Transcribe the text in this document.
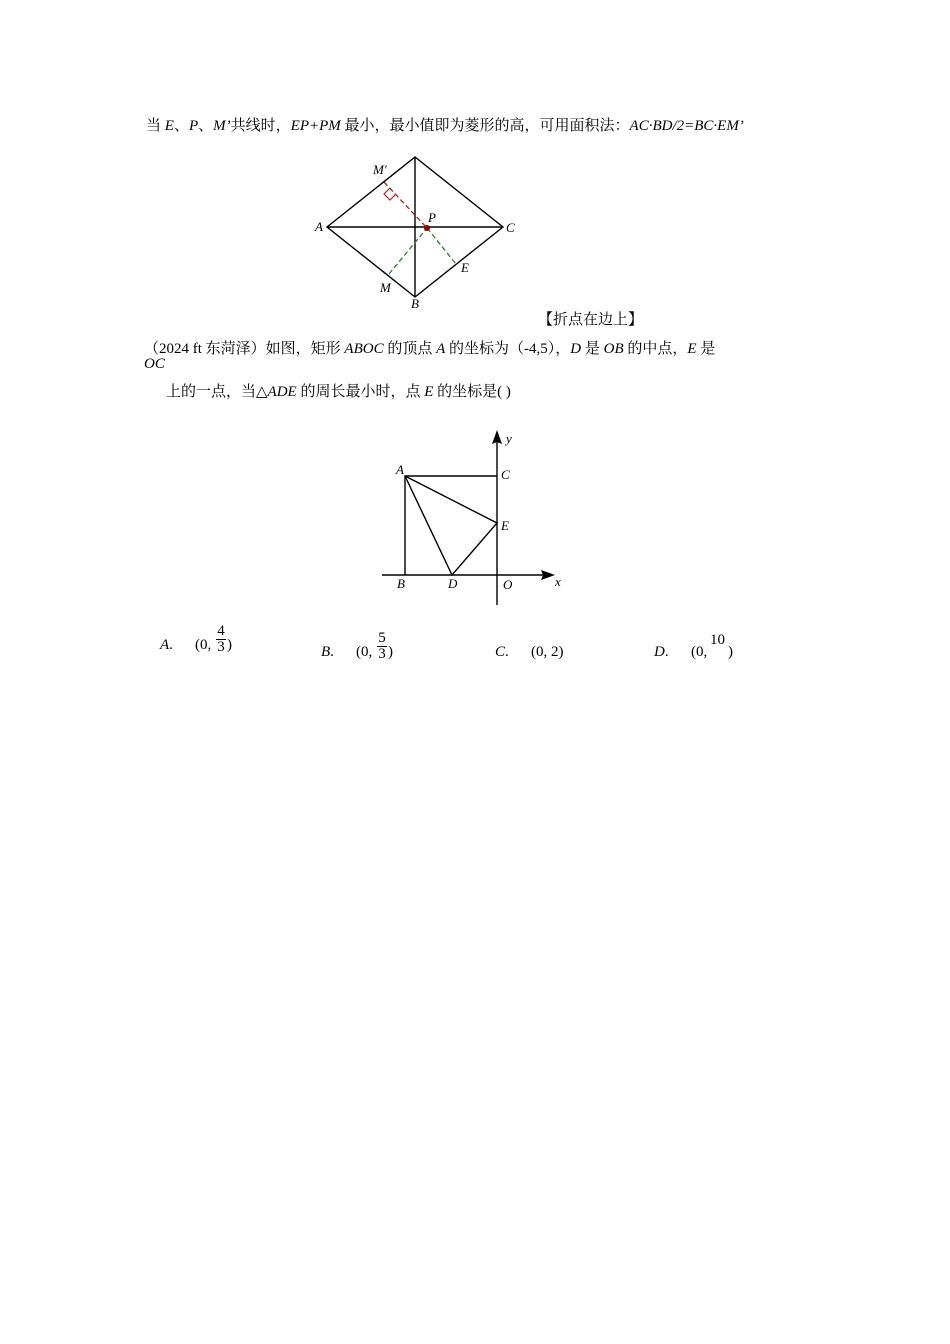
当 E、P、M’共线时，EP+PM 最小，最小值即为菱形的高，可用面积法：AC·BD/2=BC·EM’
A	C
B
M
E
P
M′
【折点在边上】
（2024 ft 东菏泽）如图，矩形 ABOC 的顶点 A 的坐标为（-4,5），D 是 OB 的中点，E 是
OC
上的一点，当△ADE 的周长最小时，点 E 的坐标是( )
y
x
A	C
E
B	D	O
A. (0,
4
3 )	B. (0,
5
3 )	C. (0, 2)	D. (0,
10
)
